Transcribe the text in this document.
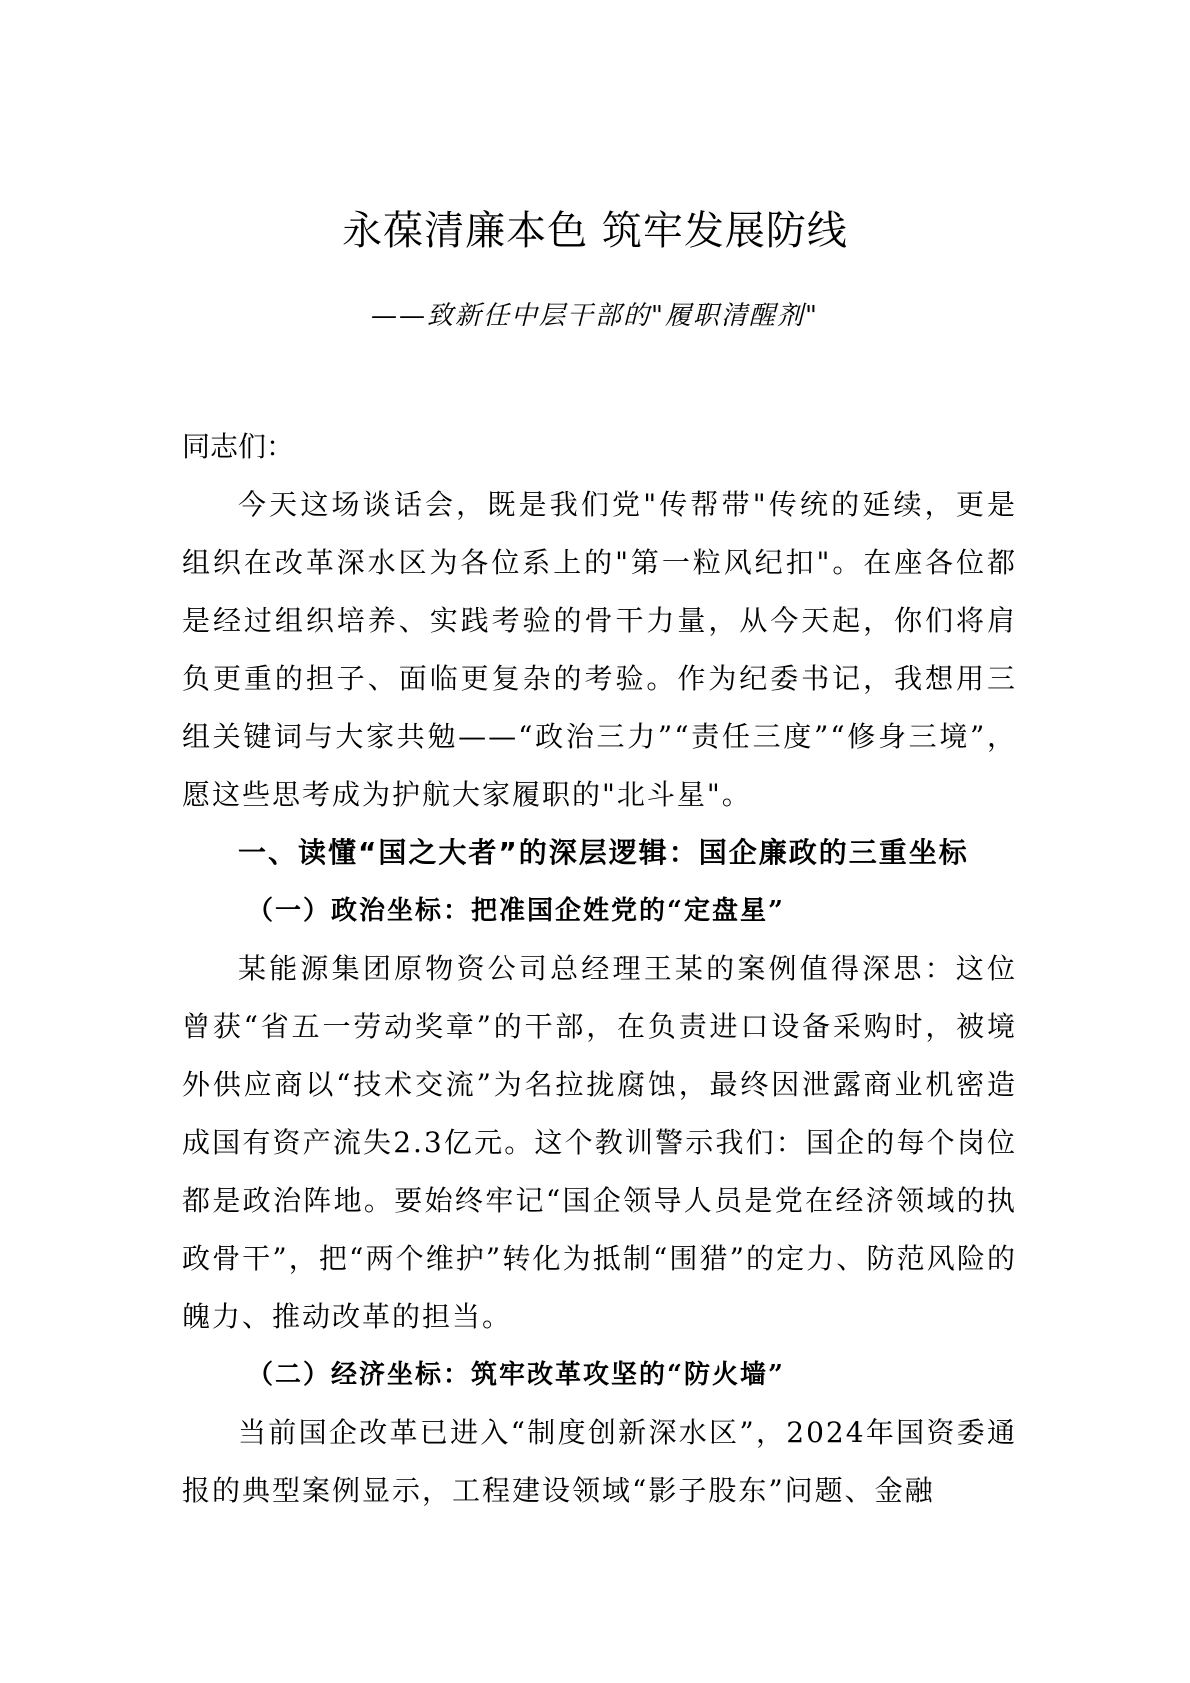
永葆清廉本色 筑牢发展防线
——致新任中层干部的"履职清醒剂"
同志们：

今天这场谈话会，既是我们党"传帮带"传统的延续，更是组织在改革深水区为各位系上的"第一粒风纪扣"。在座各位都是经过组织培养、实践考验的骨干力量，从今天起，你们将肩负更重的担子、面临更复杂的考验。作为纪委书记，我想用三组关键词与大家共勉——“政治三力”“责任三度”“修身三境”，愿这些思考成为护航大家履职的"北斗星"。

一、读懂“国之大者”的深层逻辑：国企廉政的三重坐标
（一）政治坐标：把准国企姓党的“定盘星”

某能源集团原物资公司总经理王某的案例值得深思：这位曾获“省五一劳动奖章”的干部，在负责进口设备采购时，被境外供应商以“技术交流”为名拉拢腐蚀，最终因泄露商业机密造成国有资产流失2.3亿元。这个教训警示我们：国企的每个岗位都是政治阵地。要始终牢记“国企领导人员是党在经济领域的执政骨干”，把“两个维护”转化为抵制“围猎”的定力、防范风险的魄力、推动改革的担当。

（二）经济坐标：筑牢改革攻坚的“防火墙”

当前国企改革已进入“制度创新深水区”，2024年国资委通报的典型案例显示，工程建设领域“影子股东”问题、金融
